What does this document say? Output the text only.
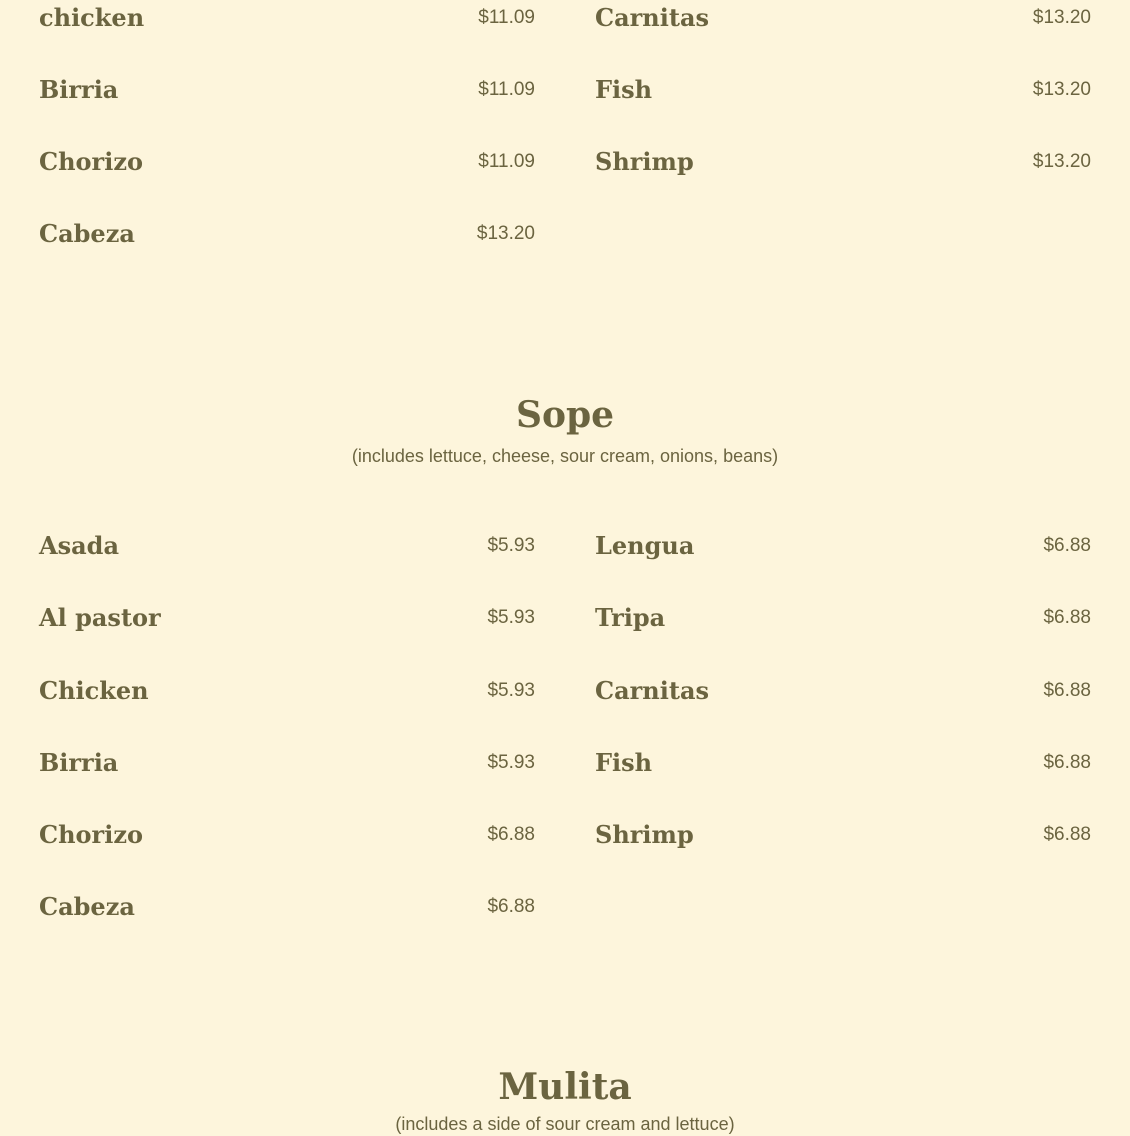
chicken	$11.09
Birria	$11.09
Chorizo	$11.09
Cabeza	$13.20
Carnitas	$13.20
Fish	$13.20
Shrimp	$13.20
Sope
(includes lettuce, cheese, sour cream, onions, beans)
Asada	$5.93
Al pastor	$5.93
Chicken	$5.93
Birria	$5.93
Chorizo	$6.88
Cabeza	$6.88
Lengua	$6.88
Tripa	$6.88
Carnitas	$6.88
Fish	$6.88
Shrimp	$6.88
Mulita
(includes a side of sour cream and lettuce)
